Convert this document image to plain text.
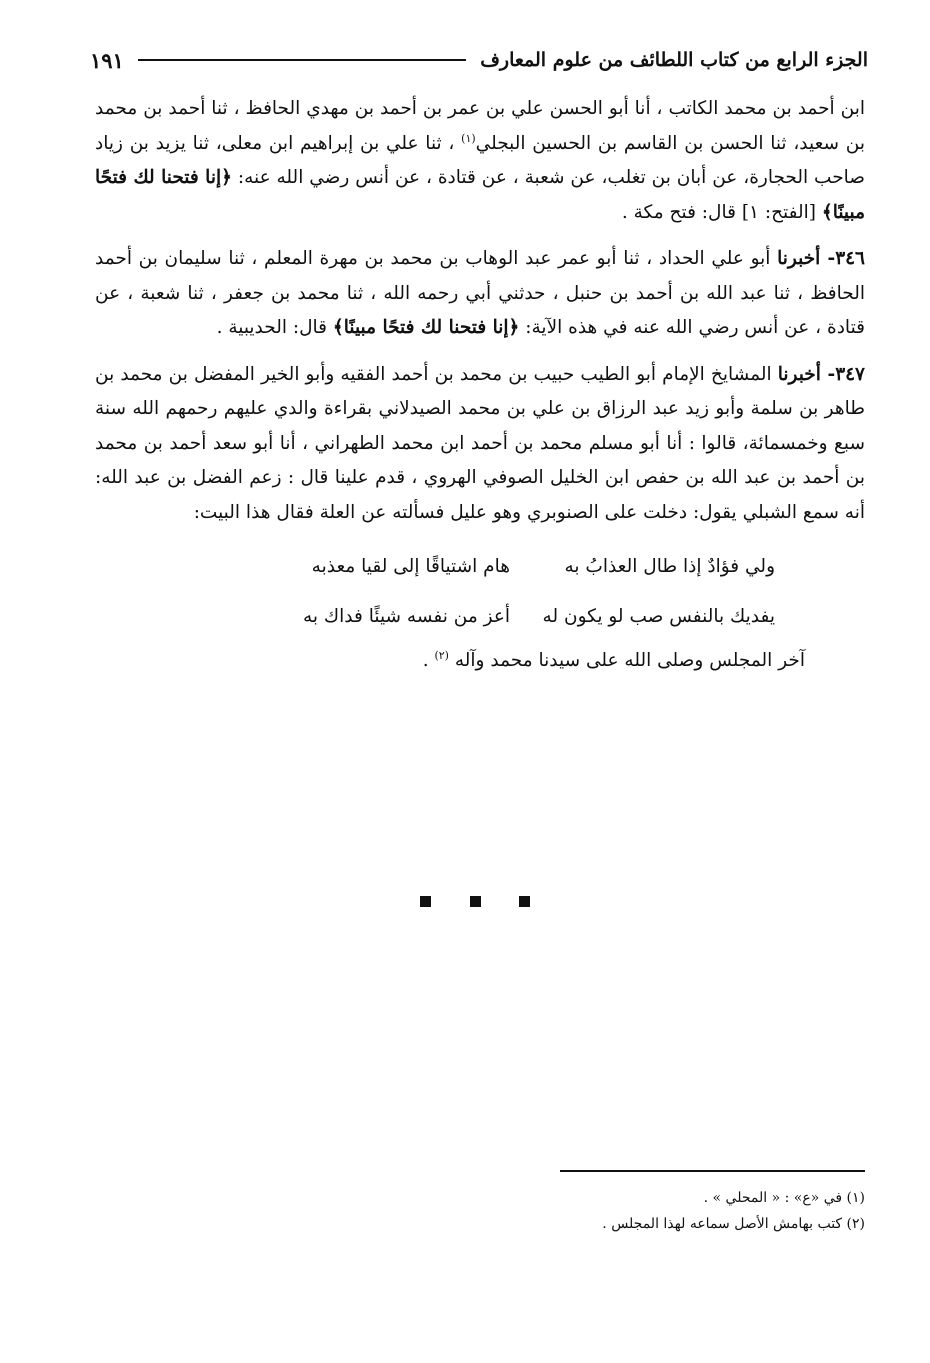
الجزء الرابع من كتاب اللطائف من علوم المعارف
١٩١

ابن أحمد بن محمد الكاتب ، أنا أبو الحسن علي بن عمر بن أحمد بن مهدي الحافظ ، ثنا أحمد بن محمد بن سعيد، ثنا الحسن بن القاسم بن الحسين البجلي$^{(١)}$ ، ثنا علي بن إبراهيم ابن معلى، ثنا يزيد بن زياد صاحب الحجارة، عن أبان بن تغلب، عن شعبة ، عن قتادة ، عن أنس رضي الله عنه: ﴿إنا فتحنا لك فتحًا مبينًا﴾ [الفتح: ١] قال: فتح مكة .

٣٤٦- أخبرنا أبو علي الحداد ، ثنا أبو عمر عبد الوهاب بن محمد بن مهرة المعلم ، ثنا سليمان بن أحمد الحافظ ، ثنا عبد الله بن أحمد بن حنبل ، حدثني أبي رحمه الله ، ثنا محمد بن جعفر ، ثنا شعبة ، عن قتادة ، عن أنس رضي الله عنه في هذه الآية: ﴿إنا فتحنا لك فتحًا مبينًا﴾ قال: الحديبية .

٣٤٧- أخبرنا المشايخ الإمام أبو الطيب حبيب بن محمد بن أحمد الفقيه وأبو الخير المفضل بن محمد بن طاهر بن سلمة وأبو زيد عبد الرزاق بن علي بن محمد الصيدلاني بقراءة والدي عليهم رحمهم الله سنة سبع وخمسمائة، قالوا : أنا أبو مسلم محمد بن أحمد ابن محمد الطهراني ، أنا أبو سعد أحمد بن محمد بن أحمد بن عبد الله بن حفص ابن الخليل الصوفي الهروي ، قدم علينا قال : زعم الفضل بن عبد الله: أنه سمع الشبلي يقول: دخلت على الصنوبري وهو عليل فسألته عن العلة فقال هذا البيت:

ولي فؤادٌ إذا طال العذابُ به
هام اشتياقًا إلى لقيا معذبه
يفديك بالنفس صب لو يكون له
أعز من نفسه شيئًا فداك به

آخر المجلس وصلى الله على سيدنا محمد وآله $^{(٢)}$ .

(١) في «ع» : « المحلي » .

(٢) كتب بهامش الأصل سماعه لهذا المجلس .
